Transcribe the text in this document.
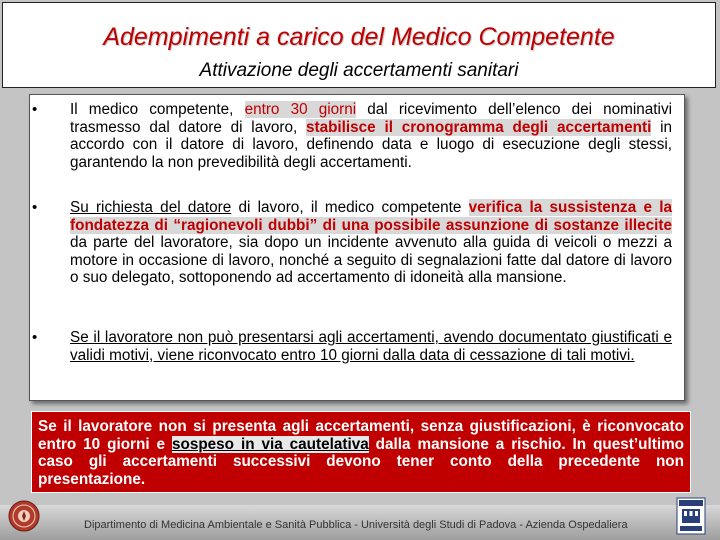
Adempimenti a carico del Medico Competente
Attivazione degli accertamenti sanitari
• Il medico competente, entro 30 giorni dal ricevimento dell’elenco dei nominativi trasmesso dal datore di lavoro, stabilisce il cronogramma degli accertamenti in accordo con il datore di lavoro, definendo data e luogo di esecuzione degli stessi, garantendo la non prevedibilità degli accertamenti.
• Su richiesta del datore di lavoro, il medico competente verifica la sussistenza e la fondatezza di “ragionevoli dubbi” di una possibile assunzione di sostanze illecite da parte del lavoratore, sia dopo un incidente avvenuto alla guida di veicoli o mezzi a motore in occasione di lavoro, nonché a seguito di segnalazioni fatte dal datore di lavoro o suo delegato, sottoponendo ad accertamento di idoneità alla mansione.
• Se il lavoratore non può presentarsi agli accertamenti, avendo documentato giustificati e validi motivi, viene riconvocato entro 10 giorni dalla data di cessazione di tali motivi.
Se il lavoratore non si presenta agli accertamenti, senza giustificazioni, è riconvocato entro 10 giorni e sospeso in via cautelativa dalla mansione a rischio. In quest’ultimo caso gli accertamenti successivi devono tener conto della precedente non presentazione.
Dipartimento di Medicina Ambientale e Sanità Pubblica - Università degli Studi di Padova - Azienda Ospedaliera
